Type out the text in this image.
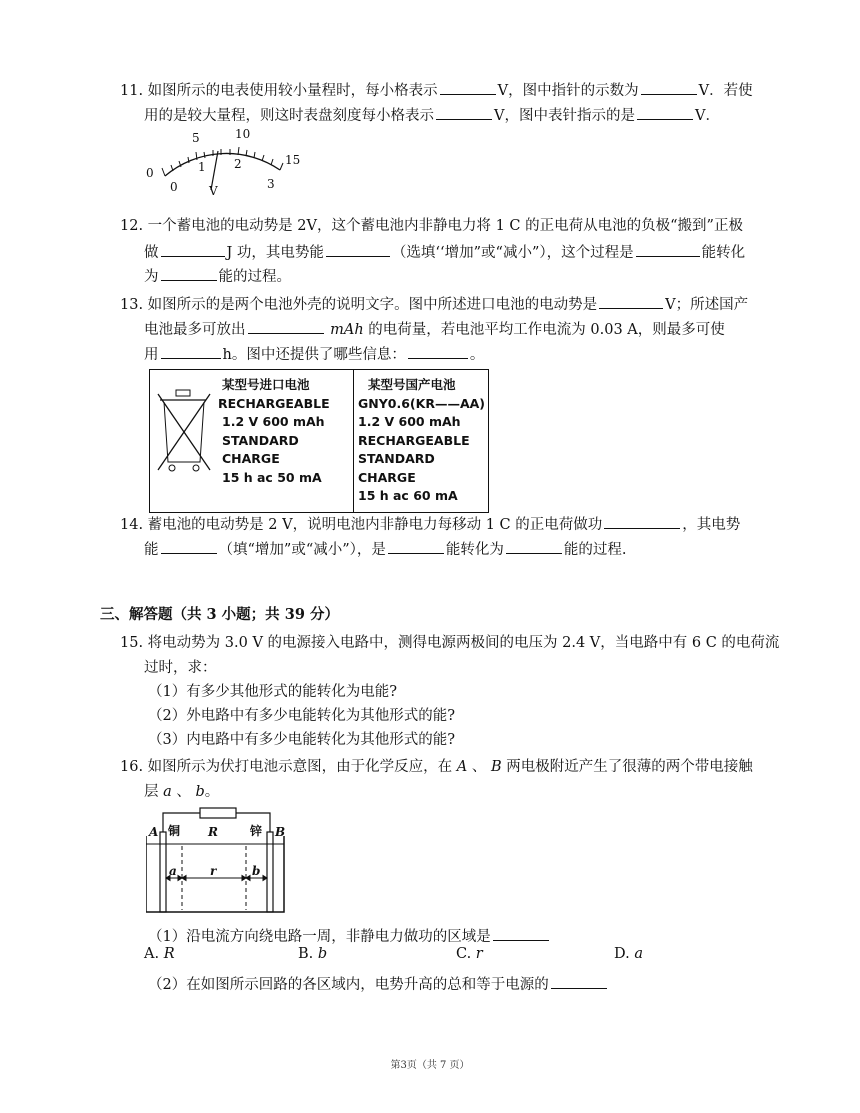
11. 如图所示的电表使用较小量程时，每小格表示	V，图中指针的示数为	V．若使
用的是较大量程，则这时表盘刻度每小格表示	V，图中表针指示的是	V．
0
5	10
15
0
1 2
3
V
12. 一个蓄电池的电动势是 2V，这个蓄电池内非静电力将 1 C 的正电荷从电池的负极“搬到”正极
做	J 功，其电势能	（选填‘‘增加”或“减小”），这个过程是	能转化
为	能的过程。
13. 如图所示的是两个电池外壳的说明文字。图中所述进口电池的电动势是	V；所述国产
电池最多可放出	mAh 的电荷量，若电池平均工作电流为 0.03 A，则最多可使
用	h。图中还提供了哪些信息：	。
某型号进口电池
RECHARGEABLE
1.2 V 600 mAh
STANDARD
CHARGE
15 h ac 50 mA

某型号国产电池
GNY0.6(KR——AA)
1.2 V 600 mAh
RECHARGEABLE
STANDARD CHARGE
15 h ac 60 mA
14. 蓄电池的电动势是 2 V，说明电池内非静电力每移动 1 C 的正电荷做功	，其电势
能	（填“增加”或“减小”），是	能转化为	能的过程.
三、解答题（共 3 小题；共 39 分）
15. 将电动势为 3.0 V 的电源接入电路中，测得电源两极间的电压为 2.4 V，当电路中有 6 C 的电荷流
过时，求：
（1）有多少其他形式的能转化为电能?
（2）外电路中有多少电能转化为其他形式的能?
（3）内电路中有多少电能转化为其他形式的能?
16. 如图所示为伏打电池示意图，由于化学反应，在 A 、 B 两电极附近产生了很薄的两个带电接触
层 a 、 b。
A	B
R
a	r	b
铜	锌
（1）沿电流方向绕电路一周，非静电力做功的区域是
A. R	B. b	C. r	D. a
（2）在如图所示回路的各区域内，电势升高的总和等于电源的
第3页（共 7 页）
